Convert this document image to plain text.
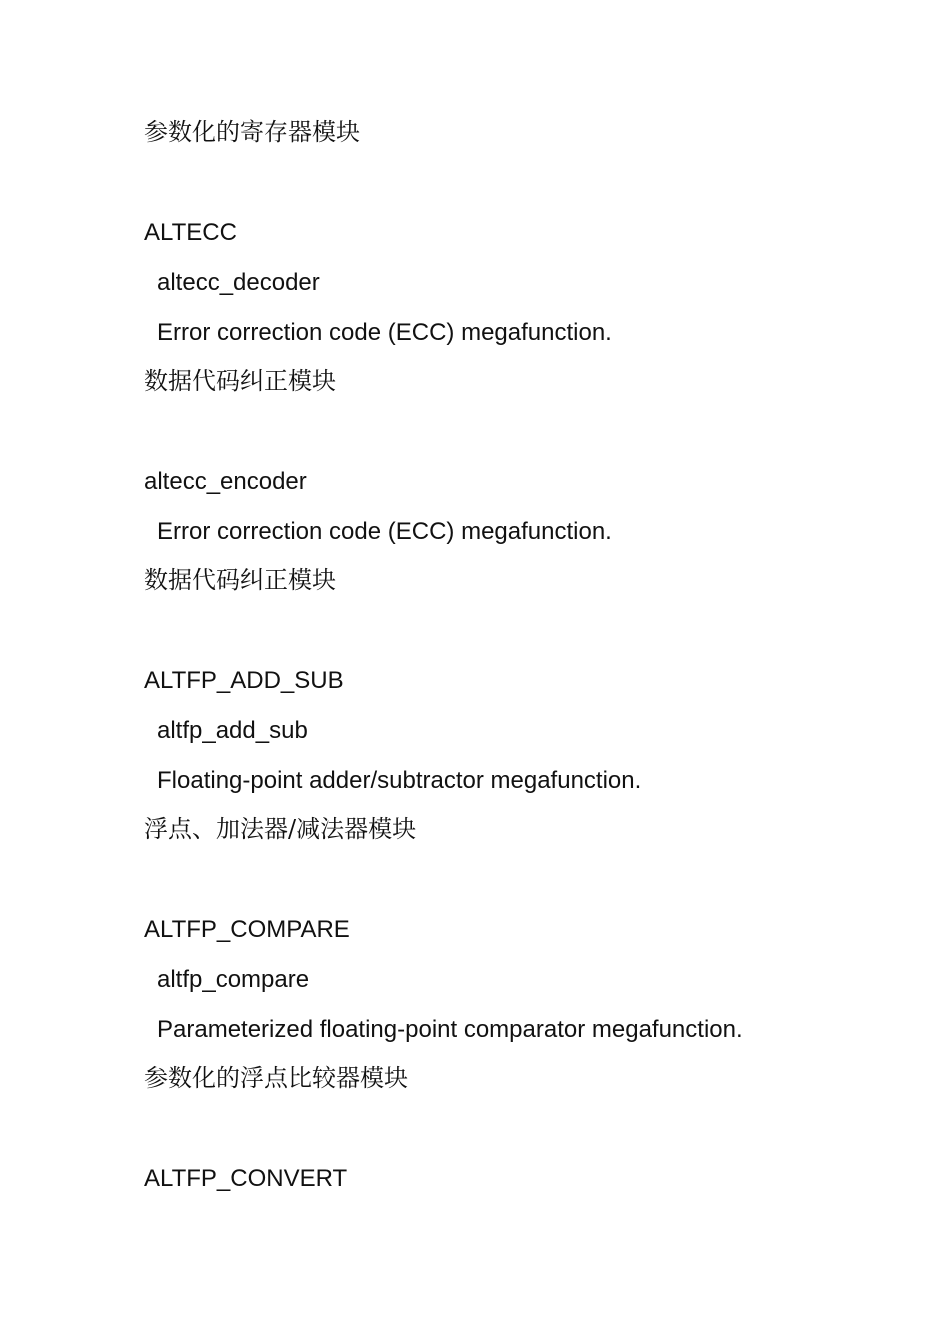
参数化的寄存器模块
ALTECC
altecc_decoder
Error correction code (ECC) megafunction.
数据代码纠正模块
altecc_encoder
Error correction code (ECC) megafunction.
数据代码纠正模块
ALTFP_ADD_SUB
altfp_add_sub
Floating-point adder/subtractor megafunction.
浮点、加法器/减法器模块
ALTFP_COMPARE
altfp_compare
Parameterized floating-point comparator megafunction.
参数化的浮点比较器模块
ALTFP_CONVERT
